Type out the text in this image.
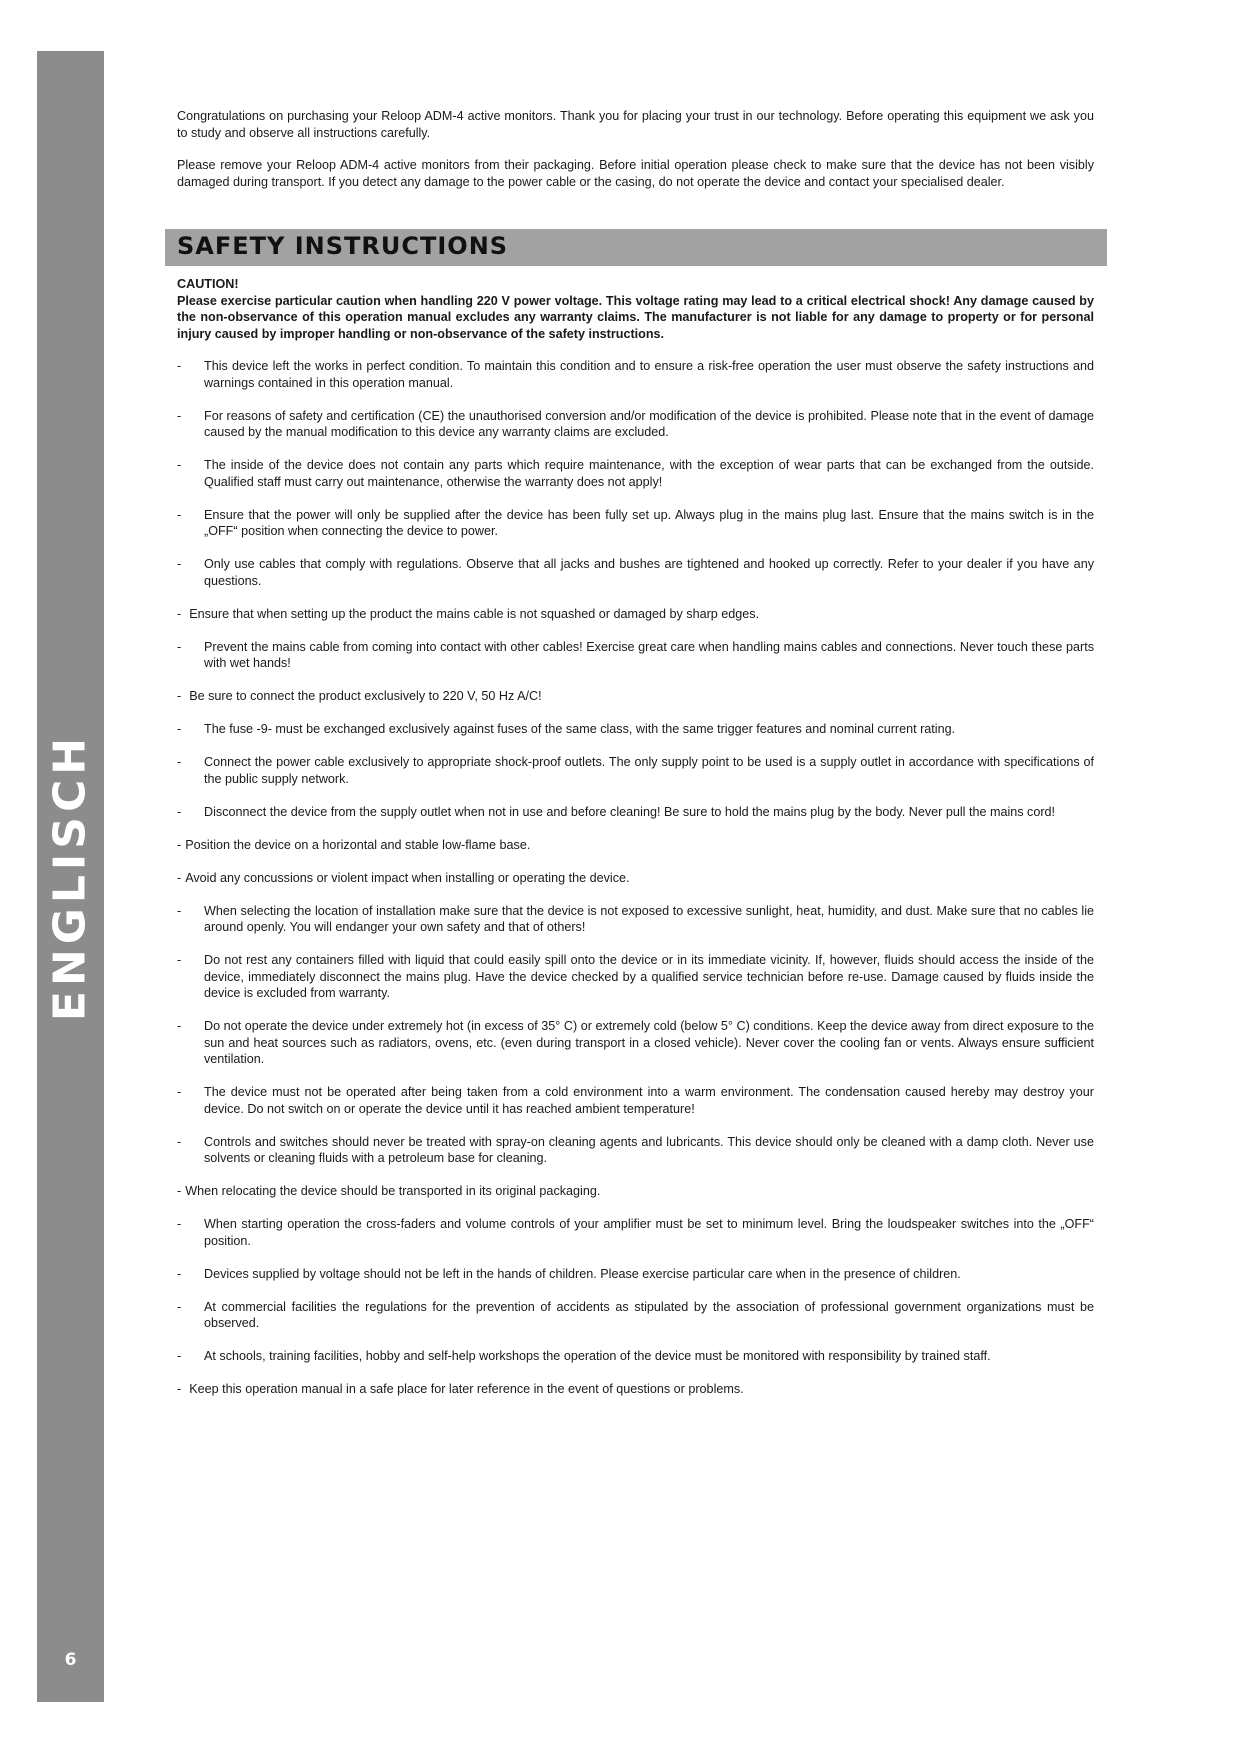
ENGLISCH
6

Congratulations on purchasing your Reloop ADM-4 active monitors. Thank you for placing your trust in our technology. Before operating this equipment we ask you to study and observe all instructions carefully.

Please remove your Reloop ADM-4 active monitors from their packaging. Before initial operation please check to make sure that the device has not been visibly damaged during transport. If you detect any damage to the power cable or the casing, do not operate the device and contact your specialised dealer.

SAFETY INSTRUCTIONS

CAUTION!

Please exercise particular caution when handling 220 V power voltage. This voltage rating may lead to a critical electrical shock! Any damage caused by the non-observance of this operation manual excludes any warranty claims. The manufacturer is not liable for any damage to property or for personal injury caused by improper handling or non-observance of the safety instructions.

- This device left the works in perfect condition. To maintain this condition and to ensure a risk-free operation the user must observe the safety instructions and warnings contained in this operation manual.
- For reasons of safety and certification (CE) the unauthorised conversion and/or modification of the device is prohibited. Please note that in the event of damage caused by the manual modification to this device any warranty claims are excluded.
- The inside of the device does not contain any parts which require maintenance, with the exception of wear parts that can be exchanged from the outside. Qualified staff must carry out maintenance, otherwise the warranty does not apply!
- Ensure that the power will only be supplied after the device has been fully set up. Always plug in the mains plug last. Ensure that the mains switch is in the „OFF“ position when connecting the device to power.
- Only use cables that comply with regulations. Observe that all jacks and bushes are tightened and hooked up correctly. Refer to your dealer if you have any questions.
- Ensure that when setting up the product the mains cable is not squashed or damaged by sharp edges.
- Prevent the mains cable from coming into contact with other cables! Exercise great care when handling mains cables and connections. Never touch these parts with wet hands!
- Be sure to connect the product exclusively to 220 V, 50 Hz A/C!
- The fuse -9- must be exchanged exclusively against fuses of the same class, with the same trigger features and nominal current rating.
- Connect the power cable exclusively to appropriate shock-proof outlets. The only supply point to be used is a supply outlet in accordance with specifications of the public supply network.
- Disconnect the device from the supply outlet when not in use and before cleaning! Be sure to hold the mains plug by the body. Never pull the mains cord!
- Position the device on a horizontal and stable low-flame base.
- Avoid any concussions or violent impact when installing or operating the device.
- When selecting the location of installation make sure that the device is not exposed to excessive sunlight, heat, humidity, and dust. Make sure that no cables lie around openly. You will endanger your own safety and that of others!
- Do not rest any containers filled with liquid that could easily spill onto the device or in its immediate vicinity. If, however, fluids should access the inside of the device, immediately disconnect the mains plug. Have the device checked by a qualified service technician before re-use. Damage caused by fluids inside the device is excluded from warranty.
- Do not operate the device under extremely hot (in excess of 35° C) or extremely cold (below 5° C) conditions. Keep the device away from direct exposure to the sun and heat sources such as radiators, ovens, etc. (even during transport in a closed vehicle). Never cover the cooling fan or vents. Always ensure sufficient ventilation.
- The device must not be operated after being taken from a cold environment into a warm environment. The condensation caused hereby may destroy your device. Do not switch on or operate the device until it has reached ambient temperature!
- Controls and switches should never be treated with spray-on cleaning agents and lubricants. This device should only be cleaned with a damp cloth. Never use solvents or cleaning fluids with a petroleum base for cleaning.
- When relocating the device should be transported in its original packaging.
- When starting operation the cross-faders and volume controls of your amplifier must be set to minimum level. Bring the loudspeaker switches into the „OFF“ position.
- Devices supplied by voltage should not be left in the hands of children. Please exercise particular care when in the presence of children.
- At commercial facilities the regulations for the prevention of accidents as stipulated by the association of professional government organizations must be observed.
- At schools, training facilities, hobby and self-help workshops the operation of the device must be monitored with responsibility by trained staff.
- Keep this operation manual in a safe place for later reference in the event of questions or problems.
